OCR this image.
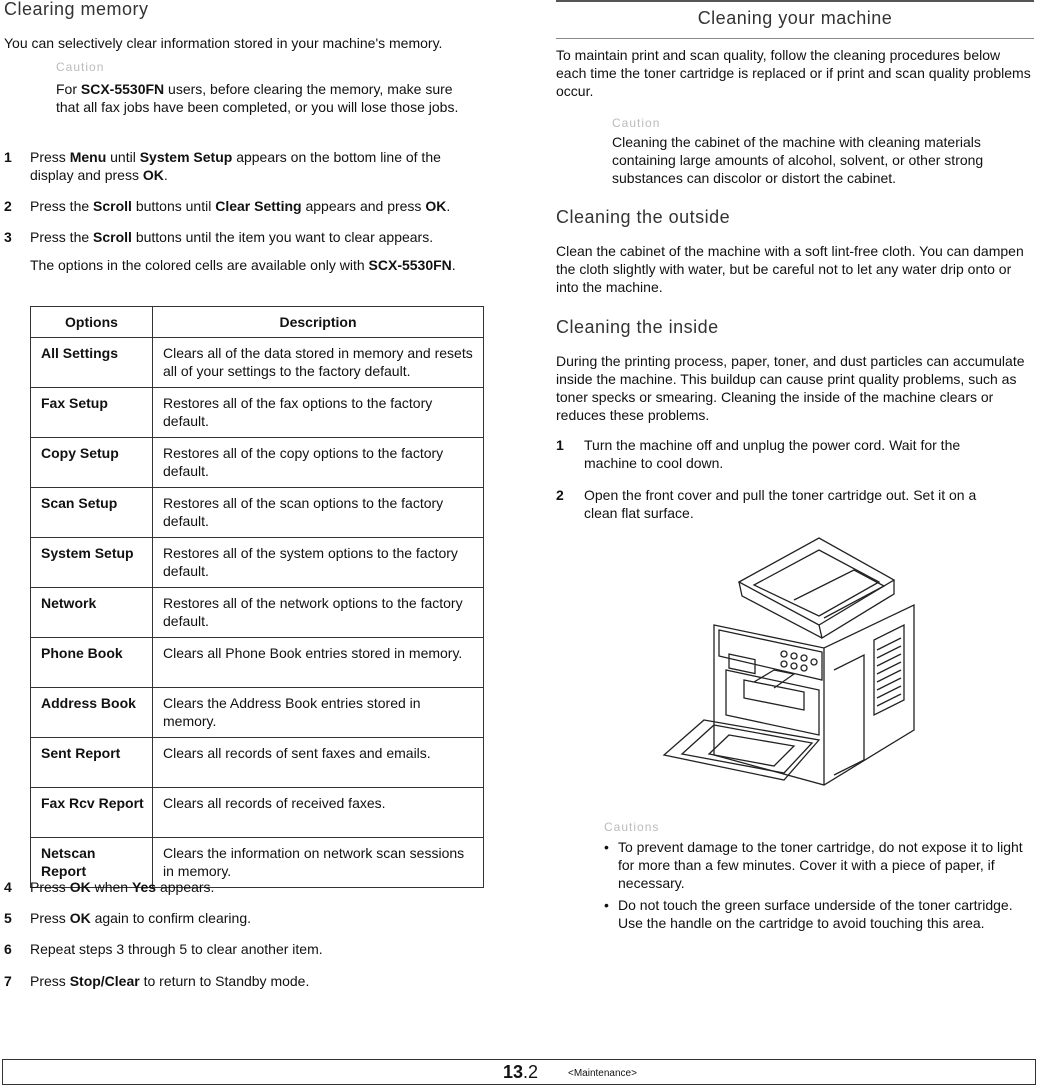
Clearing memory

You can selectively clear information stored in your machine's memory.

Caution

For SCX-5530FN users, before clearing the memory, make sure that all fax jobs have been completed, or you will lose those jobs.

1	Press Menu until System Setup appears on the bottom line of the display and press OK.
2	Press the Scroll buttons until Clear Setting appears and press OK.
3	Press the Scroll buttons until the item you want to clear appears.

The options in the colored cells are available only with SCX-5530FN.

Options	Description
All Settings	Clears all of the data stored in memory and resets all of your settings to the factory default.
Fax Setup	Restores all of the fax options to the factory default.
Copy Setup	Restores all of the copy options to the factory default.
Scan Setup	Restores all of the scan options to the factory default.
System Setup	Restores all of the system options to the factory default.
Network	Restores all of the network options to the factory default.
Phone Book	Clears all Phone Book entries stored in memory.
Address Book	Clears the Address Book entries stored in memory.
Sent Report	Clears all records of sent faxes and emails.
Fax Rcv Report	Clears all records of received faxes.
Netscan Report	Clears the information on network scan sessions in memory.
4	Press OK when Yes appears.
5	Press OK again to confirm clearing.
6	Repeat steps 3 through 5 to clear another item.
7	Press Stop/Clear to return to Standby mode.
Cleaning your machine

To maintain print and scan quality, follow the cleaning procedures below each time the toner cartridge is replaced or if print and scan quality problems occur.

Caution

Cleaning the cabinet of the machine with cleaning materials containing large amounts of alcohol, solvent, or other strong substances can discolor or distort the cabinet.

Cleaning the outside

Clean the cabinet of the machine with a soft lint-free cloth. You can dampen the cloth slightly with water, but be careful not to let any water drip onto or into the machine.

Cleaning the inside

During the printing process, paper, toner, and dust particles can accumulate inside the machine. This buildup can cause print quality problems, such as toner specks or smearing. Cleaning the inside of the machine clears or reduces these problems.

1	Turn the machine off and unplug the power cord. Wait for the machine to cool down.
2	Open the front cover and pull the toner cartridge out. Set it on a clean flat surface.
Cautions
• To prevent damage to the toner cartridge, do not expose it to light for more than a few minutes. Cover it with a piece of paper, if necessary.
• Do not touch the green surface underside of the toner cartridge. Use the handle on the cartridge to avoid touching this area.
13.2	<Maintenance>
